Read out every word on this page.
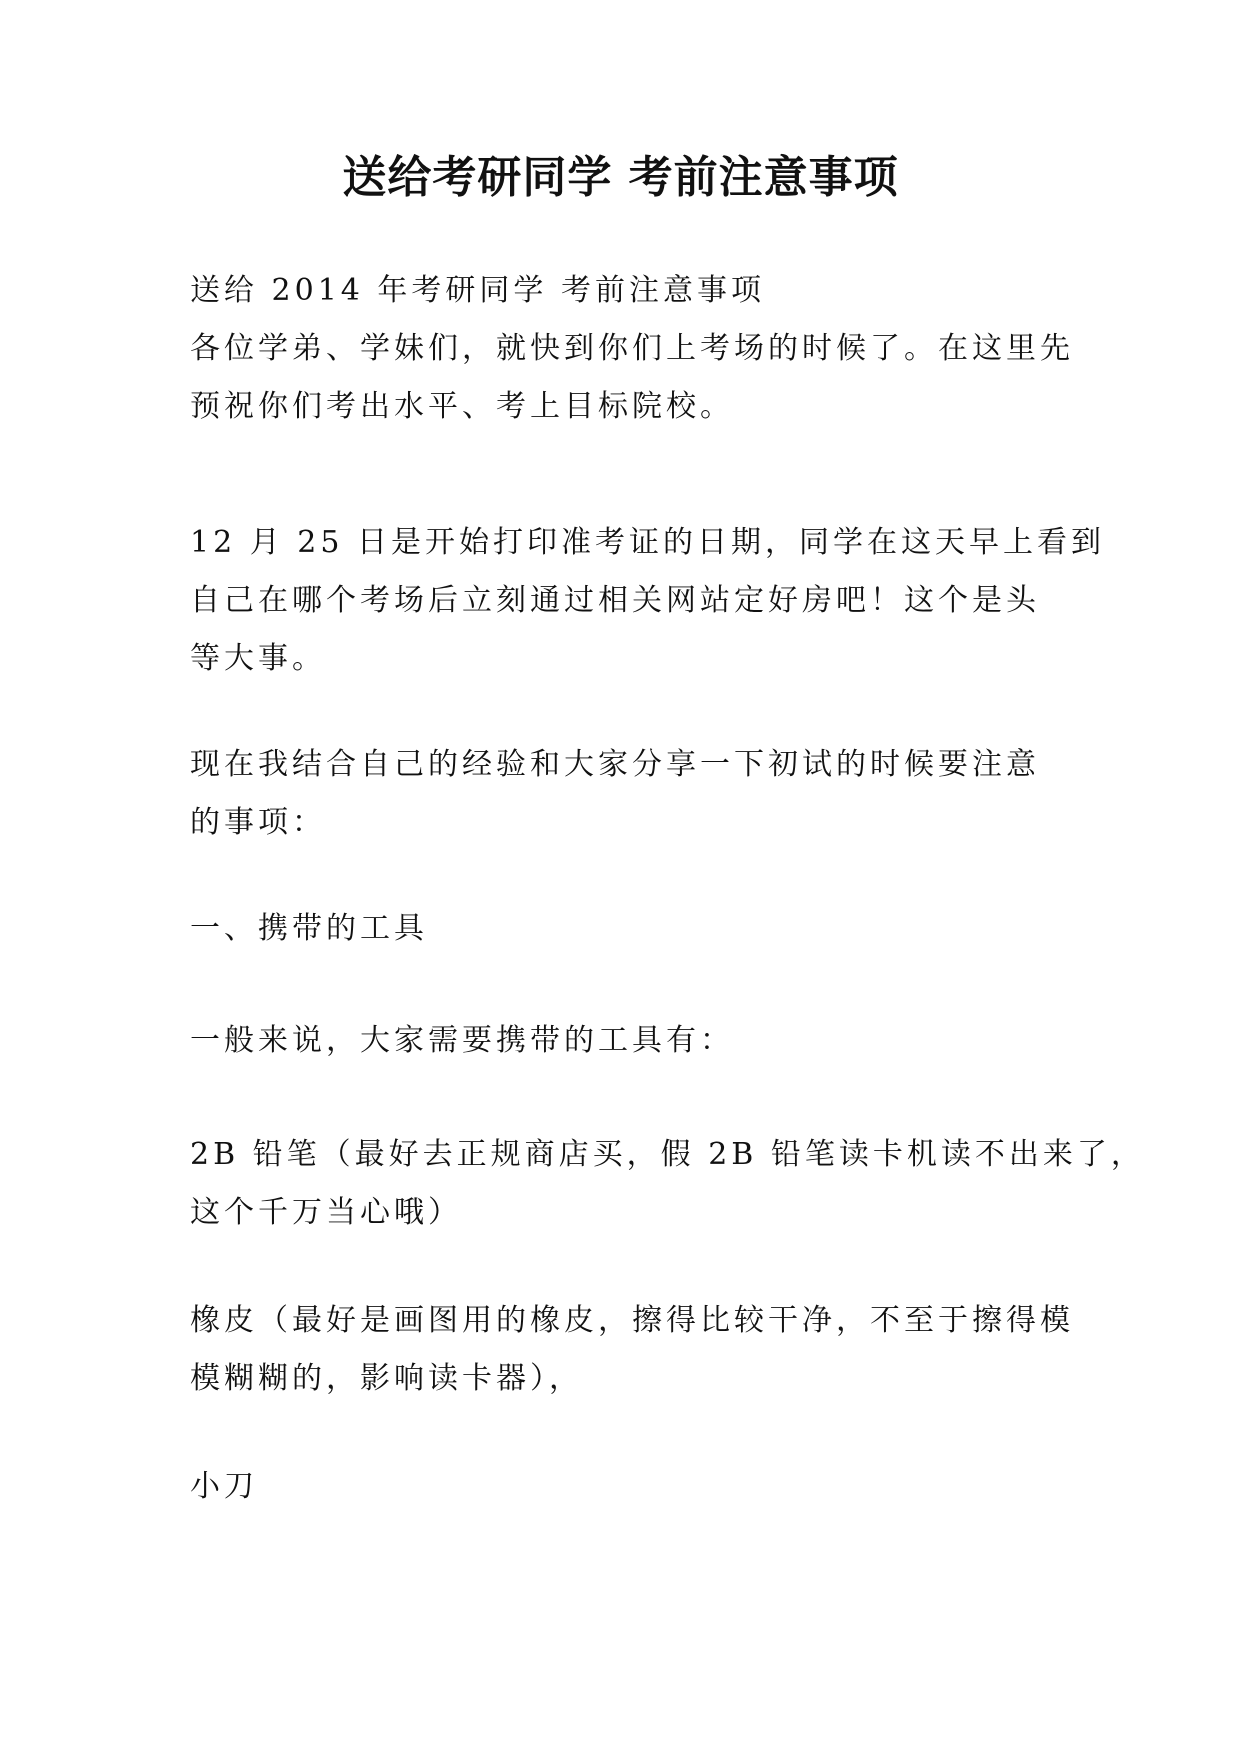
送给考研同学 考前注意事项

送给 2014 年考研同学 考前注意事项
各位学弟、学妹们，就快到你们上考场的时候了。在这里先
预祝你们考出水平、考上目标院校。

12 月 25 日是开始打印准考证的日期，同学在这天早上看到
自己在哪个考场后立刻通过相关网站定好房吧！这个是头
等大事。

现在我结合自己的经验和大家分享一下初试的时候要注意
的事项：

一、携带的工具

一般来说，大家需要携带的工具有：

2B 铅笔（最好去正规商店买，假 2B 铅笔读卡机读不出来了，
这个千万当心哦）

橡皮（最好是画图用的橡皮，擦得比较干净，不至于擦得模
模糊糊的，影响读卡器），

小刀
